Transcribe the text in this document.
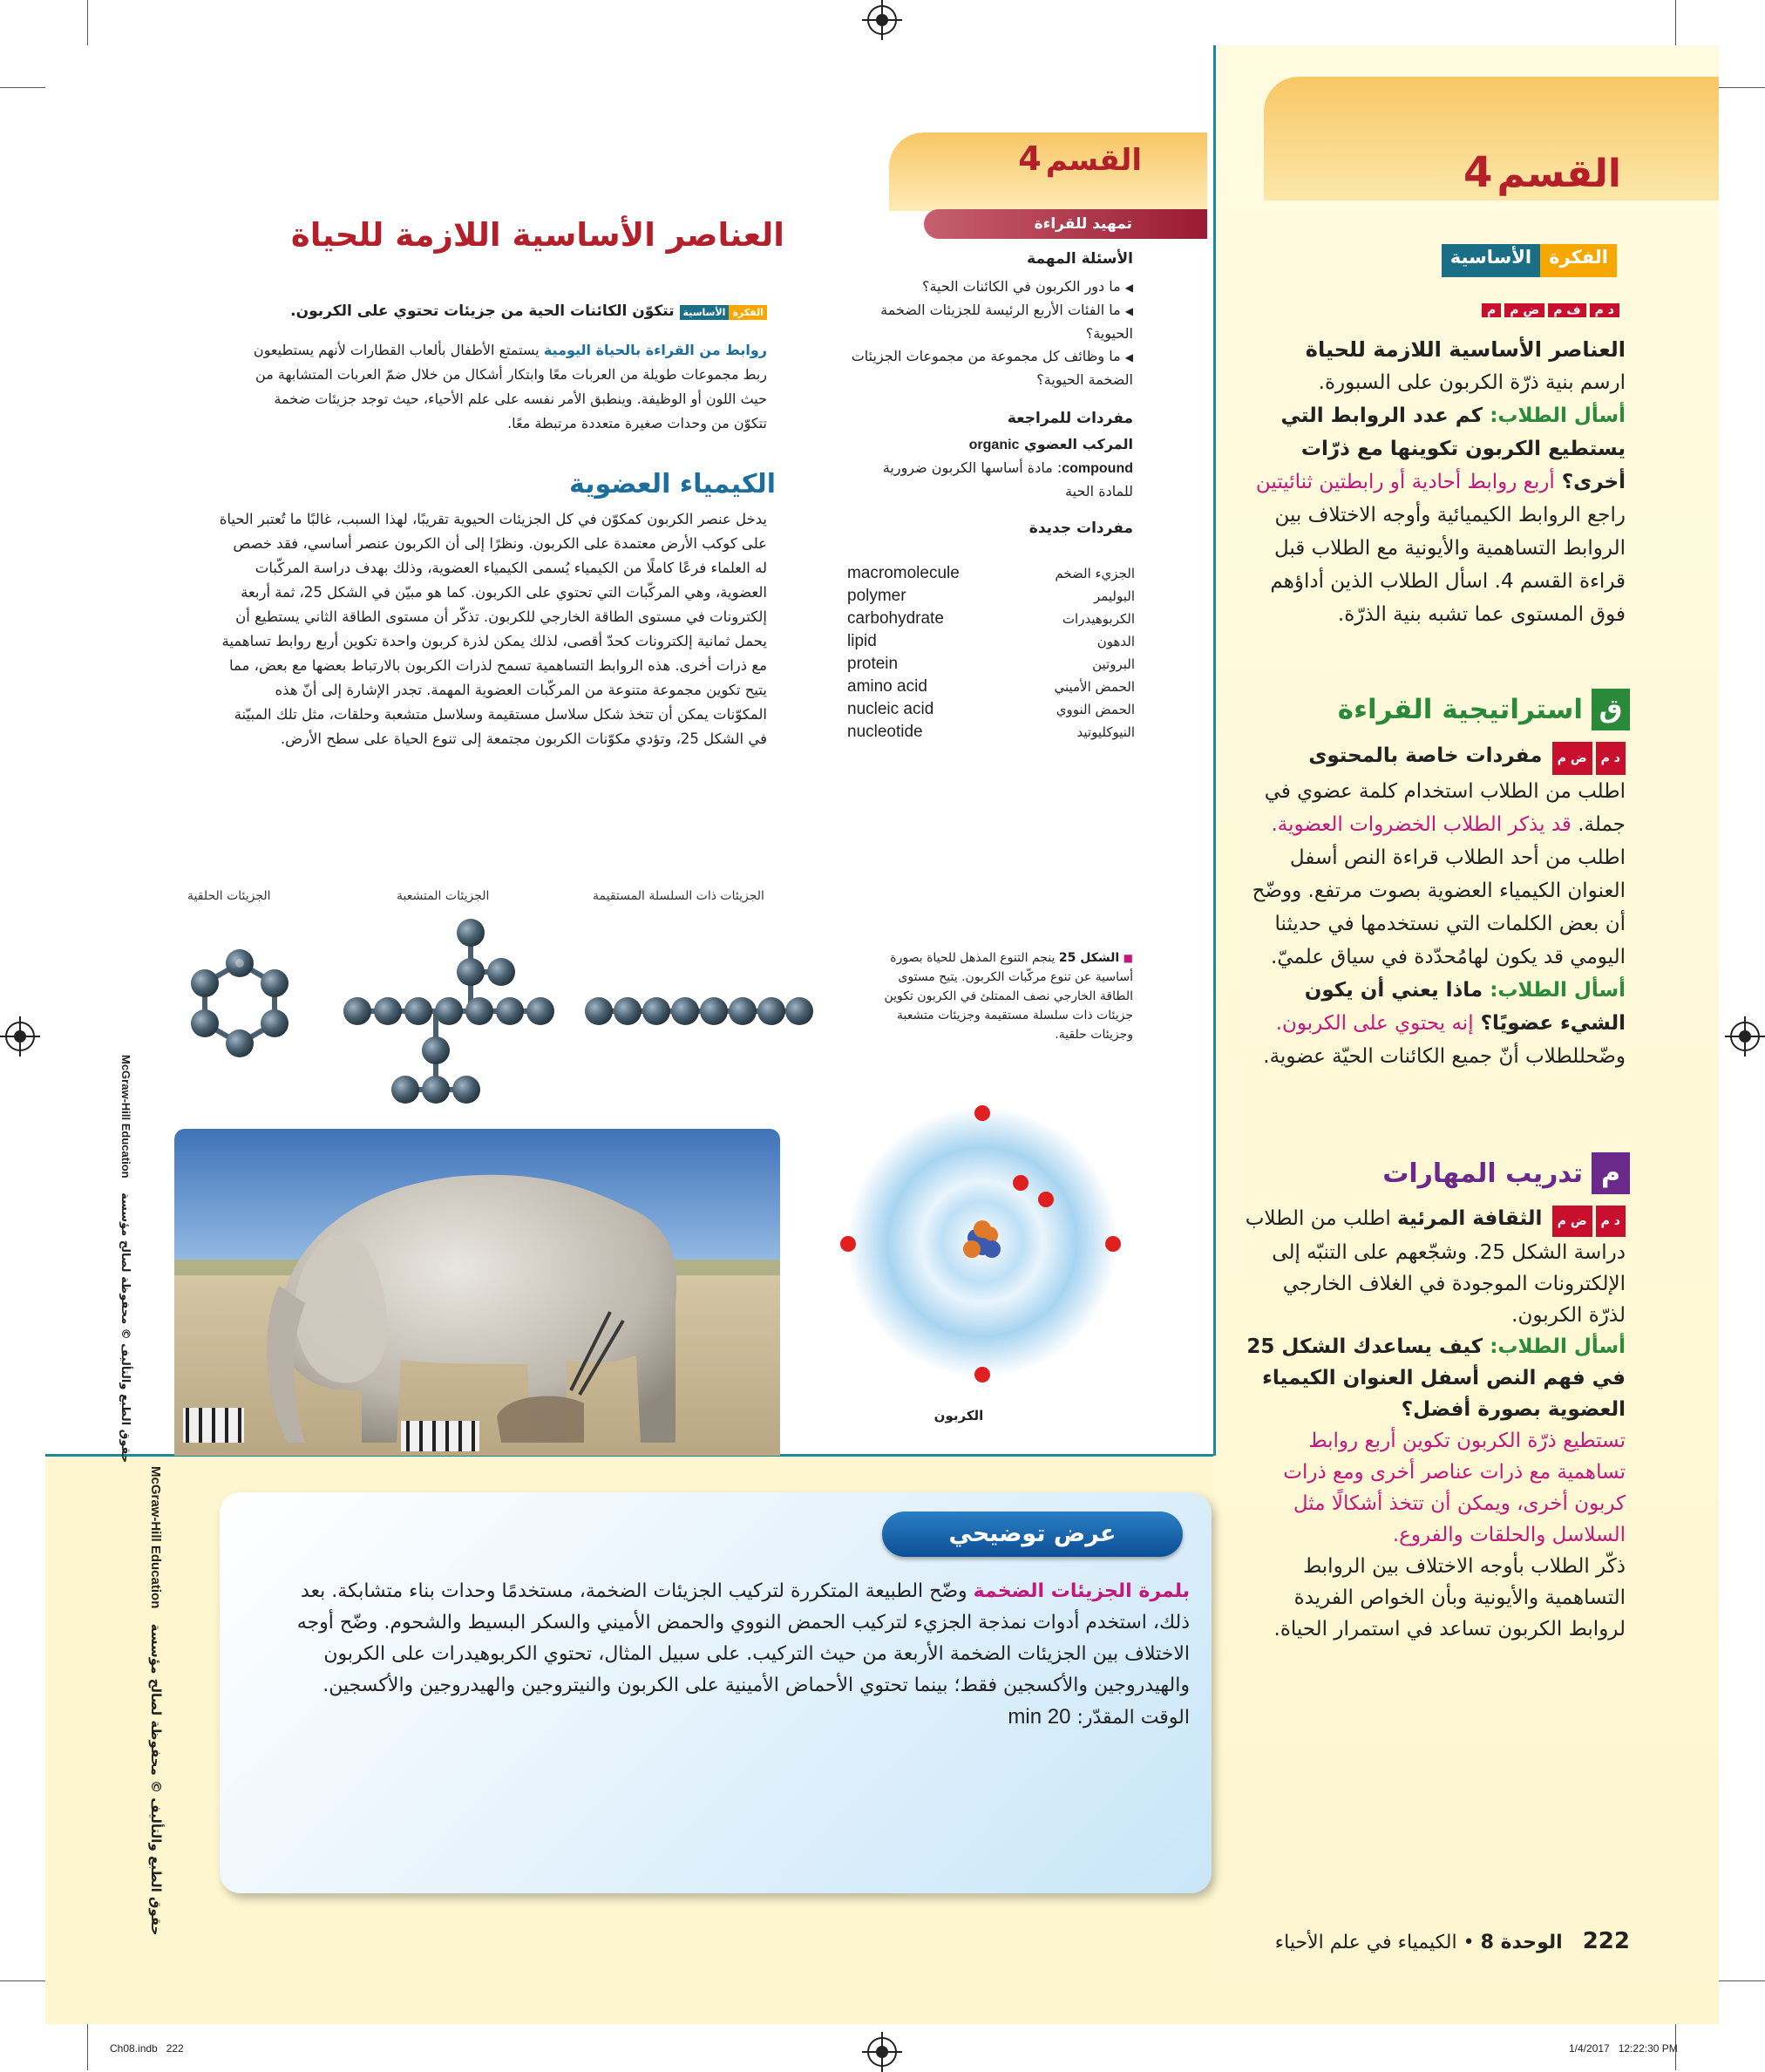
القسم 4
الفكرة
الأساسية
د مف مض مم

العناصر الأساسية اللازمة للحياة

ارسم بنية ذرّة الكربون على السبورة.

أسأل الطلاب: كم عدد الروابط التي يستطيع الكربون تكوينها مع ذرّات أخرى؟ أربع روابط أحادية أو رابطتين ثنائيتين

راجع الروابط الكيميائية وأوجه الاختلاف بين الروابط التساهمية والأيونية مع الطلاب قبل قراءة القسم 4. اسأل الطلاب الذين أداؤهم فوق المستوى عما تشبه بنية الذرّة.

ق
استراتيجية القراءة

د مض م مفردات خاصة بالمحتوى

اطلب من الطلاب استخدام كلمة عضوي في جملة. قد يذكر الطلاب الخضروات العضوية.

اطلب من أحد الطلاب قراءة النص أسفل العنوان الكيمياء العضوية بصوت مرتفع. ووضّح أن بعض الكلمات التي نستخدمها في حديثنا اليومي قد يكون لهامُحدّدة في سياق علميّ.

أسأل الطلاب: ماذا يعني أن يكون الشيء عضويًا؟ إنه يحتوي على الكربون.

وضّحللطلاب أنّ جميع الكائنات الحيّة عضوية.

م
تدريب المهارات

د مض م الثقافة المرئية اطلب من الطلاب دراسة الشكل 25. وشجّعهم على التنبّه إلى الإلكترونات الموجودة في الغلاف الخارجي لذرّة الكربون.

أسأل الطلاب: كيف يساعدك الشكل 25 في فهم النص أسفل العنوان الكيمياء العضوية بصورة أفضل؟

تستطيع ذرّة الكربون تكوين أربع روابط تساهمية مع ذرات عناصر أخرى ومع ذرات كربون أخرى، ويمكن أن تتخذ أشكالًا مثل السلاسل والحلقات والفروع.

ذكّر الطلاب بأوجه الاختلاف بين الروابط التساهمية والأيونية وبأن الخواص الفريدة لروابط الكربون تساعد في استمرار الحياة.

القسم 4
العناصر الأساسية اللازمة للحياة
الفكرةالأساسية تتكوّن الكائنات الحية من جزيئات تحتوي على الكربون.
روابط من القراءة بالحياة اليومية يستمتع الأطفال بألعاب القطارات لأنهم يستطيعون ربط مجموعات طويلة من العربات معًا وابتكار أشكال من خلال ضمّ العربات المتشابهة من حيث اللون أو الوظيفة. وينطبق الأمر نفسه على علم الأحياء، حيث توجد جزيئات ضخمة تتكوّن من وحدات صغيرة متعددة مرتبطة معًا.
الكيمياء العضوية
يدخل عنصر الكربون كمكوّن في كل الجزيئات الحيوية تقريبًا، لهذا السبب، غالبًا ما تُعتبر الحياة على كوكب الأرض معتمدة على الكربون. ونظرًا إلى أن الكربون عنصر أساسي، فقد خصص له العلماء فرعًا كاملًا من الكيمياء يُسمى الكيمياء العضوية، وذلك بهدف دراسة المركّبات العضوية، وهي المركّبات التي تحتوي على الكربون. كما هو مبيّن في الشكل 25، ثمة أربعة إلكترونات في مستوى الطاقة الخارجي للكربون. تذكّر أن مستوى الطاقة الثاني يستطيع أن يحمل ثمانية إلكترونات كحدّ أقصى، لذلك يمكن لذرة كربون واحدة تكوين أربع روابط تساهمية مع ذرات أخرى. هذه الروابط التساهمية تسمح لذرات الكربون بالارتباط بعضها مع بعض، مما يتيح تكوين مجموعة متنوعة من المركّبات العضوية المهمة. تجدر الإشارة إلى أنّ هذه المكوّنات يمكن أن تتخذ شكل سلاسل مستقيمة وسلاسل متشعبة وحلقات، مثل تلك المبيّنة في الشكل 25، وتؤدي مكوّنات الكربون مجتمعة إلى تنوع الحياة على سطح الأرض.
تمهيد للقراءة

الأسئلة المهمة

◀ ما دور الكربون في الكائنات الحية؟

◀ ما الفئات الأربع الرئيسة للجزيئات الضخمة الحيوية؟

◀ ما وظائف كل مجموعة من مجموعات الجزيئات الضخمة الحيوية؟

مفردات للمراجعة

المركب العضوي organic

compound: مادة أساسها الكربون ضرورية للمادة الحية

مفردات جديدة

macromolecule	الجزيء الضخم
polymer	البوليمر
carbohydrate	الكربوهيدرات
lipid	الدهون
protein	البروتين
amino acid	الحمض الأميني
nucleic acid	الحمض النووي
nucleotide	النيوكليوتيد
الجزيئات ذات السلسلة المستقيمة
الجزيئات المتشعبة
الجزيئات الحلقية
■ الشكل 25 ينجم التنوع المذهل للحياة بصورة أساسية عن تنوع مركّبات الكربون. يتيح مستوى الطاقة الخارجي نصف الممتلئ في الكربون تكوين جزيئات ذات سلسلة مستقيمة وجزيئات متشعبة وجزيئات حلقية.
الكربون
McGraw-Hill Education حقوق الطبع والتأليف © محفوظة لصالح مؤسسة
McGraw-Hill Education حقوق الطبع والتأليف © محفوظة لصالح مؤسسة
عرض توضيحي
بلمرة الجزيئات الضخمة وضّح الطبيعة المتكررة لتركيب الجزيئات الضخمة، مستخدمًا وحدات بناء متشابكة. بعد ذلك، استخدم أدوات نمذجة الجزيء لتركيب الحمض النووي والحمض الأميني والسكر البسيط والشحوم. وضّح أوجه الاختلاف بين الجزيئات الضخمة الأربعة من حيث التركيب. على سبيل المثال، تحتوي الكربوهيدرات على الكربون والهيدروجين والأكسجين فقط؛ بينما تحتوي الأحماض الأمينية على الكربون والنيتروجين والهيدروجين والأكسجين. الوقت المقدّر: 20 min
222 الوحدة 8 • الكيمياء في علم الأحياء
Ch08.indb   222	1/4/2017   12:22:30 PM
